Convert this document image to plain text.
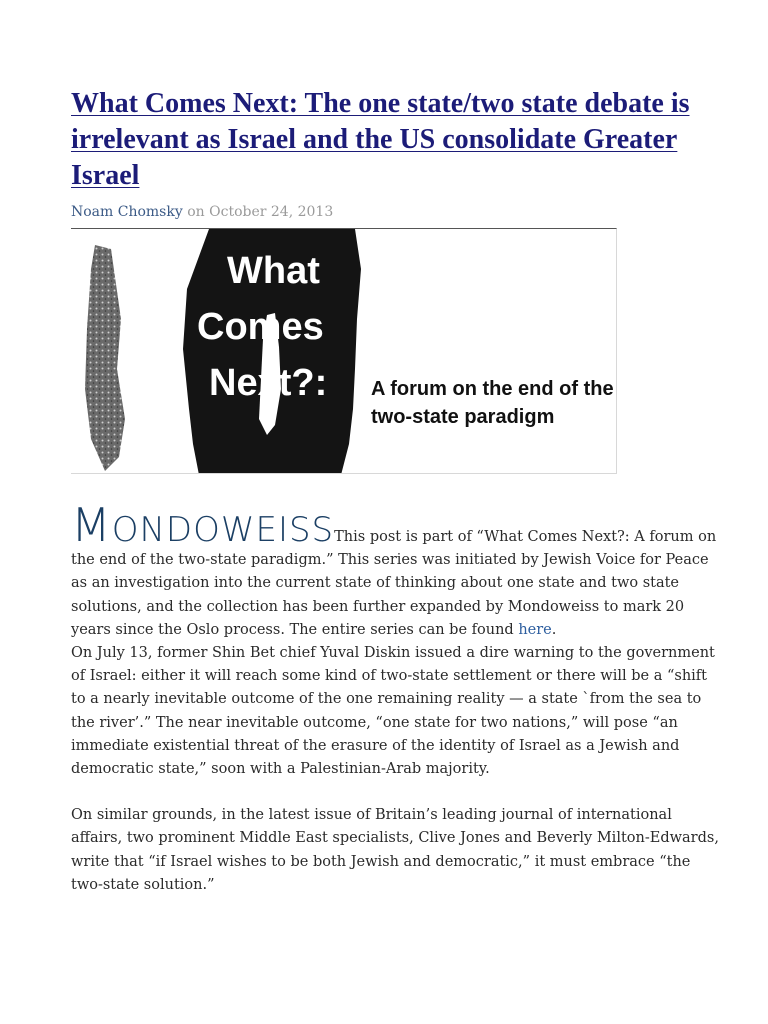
What Comes Next: The one state/two state debate is irrelevant as Israel and the US consolidate Greater Israel
Noam Chomsky on October 24, 2013
What
Comes
Next?: A forum on the end of the
two-state paradigm

MONDOWEISSThis post is part of “What Comes Next?: A forum on the end of the two-state paradigm.” This series was initiated by Jewish Voice for Peace as an investigation into the current state of thinking about one state and two state solutions, and the collection has been further expanded by Mondoweiss to mark 20 years since the Oslo process. The entire series can be found here.
On July 13, former Shin Bet chief Yuval Diskin issued a dire warning to the government of Israel: either it will reach some kind of two-state settlement or there will be a “shift to a nearly inevitable outcome of the one remaining reality — a state `from the sea to the river’.” The near inevitable outcome, “one state for two nations,” will pose “an immediate existential threat of the erasure of the identity of Israel as a Jewish and democratic state,” soon with a Palestinian-Arab majority.

On similar grounds, in the latest issue of Britain’s leading journal of international affairs, two prominent Middle East specialists, Clive Jones and Beverly Milton-Edwards, write that “if Israel wishes to be both Jewish and democratic,” it must embrace “the two-state solution.”
